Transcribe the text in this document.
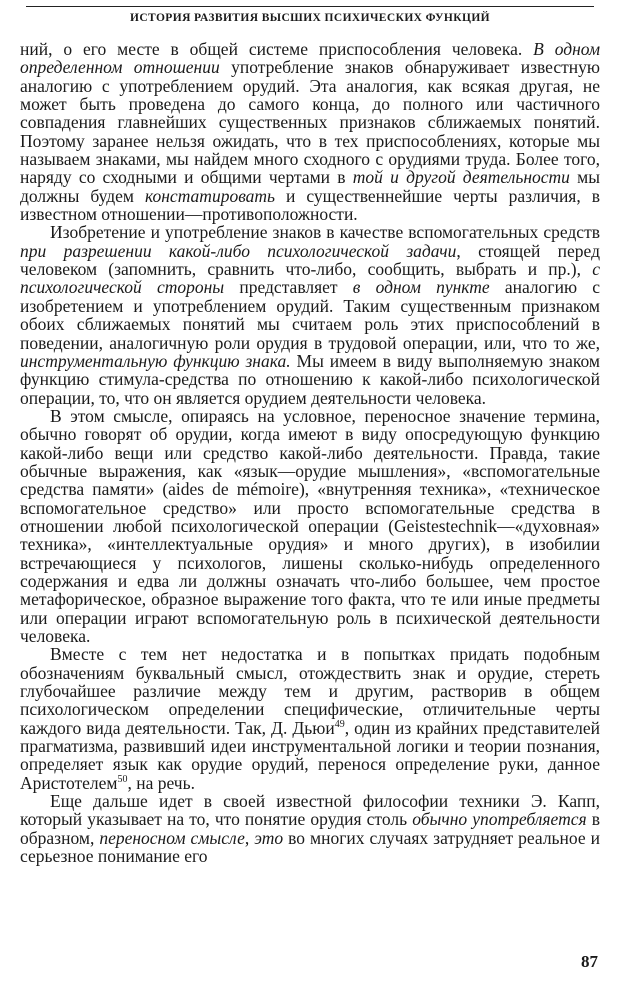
ИСТОРИЯ РАЗВИТИЯ ВЫСШИХ ПСИХИЧЕСКИХ ФУНКЦИЙ

ний, о его месте в общей системе приспособления человека. В одном определенном отношении употребление знаков обнаруживает известную аналогию с употреблением орудий. Эта аналогия, как всякая другая, не может быть проведена до самого конца, до полного или частичного совпадения главнейших существенных признаков сближаемых понятий. Поэтому заранее нельзя ожидать, что в тех приспособлениях, которые мы называем знаками, мы найдем много сходного с орудиями труда. Более того, наряду со сходными и общими чертами в той и другой деятельности мы должны будем констатировать и существеннейшие черты различия, в известном отношении—противоположности.

Изобретение и употребление знаков в качестве вспомогательных средств при разрешении какой-либо психологической задачи, стоящей перед человеком (запомнить, сравнить что-либо, сообщить, выбрать и пр.), с психологической стороны представляет в одном пункте аналогию с изобретением и употреблением орудий. Таким существенным признаком обоих сближаемых понятий мы считаем роль этих приспособлений в поведении, аналогичную роли орудия в трудовой операции, или, что то же, инструментальную функцию знака. Мы имеем в виду выполняемую знаком функцию стимула-средства по отношению к какой-либо психологической операции, то, что он является орудием деятельности человека.

В этом смысле, опираясь на условное, переносное значение термина, обычно говорят об орудии, когда имеют в виду опосредующую функцию какой-либо вещи или средство какой-либо деятельности. Правда, такие обычные выражения, как «язык—орудие мышления», «вспомогательные средства памяти» (aides de mémoire), «внутренняя техника», «техническое вспомогательное средство» или просто вспомогательные средства в отношении любой психологической операции (Geistestechnik—«духовная» техника», «интеллектуальные орудия» и много других), в изобилии встречающиеся у психологов, лишены сколько-нибудь определенного содержания и едва ли должны означать что-либо большее, чем простое метафорическое, образное выражение того факта, что те или иные предметы или операции играют вспомогательную роль в психической деятельности человека.

Вместе с тем нет недостатка и в попытках придать подобным обозначениям буквальный смысл, отождествить знак и орудие, стереть глубочайшее различие между тем и другим, растворив в общем психологическом определении специфические, отличительные черты каждого вида деятельности. Так, Д. Дьюи$^{49}$, один из крайних представителей прагматизма, развивший идеи инструментальной логики и теории познания, определяет язык как орудие орудий, перенося определение руки, данное Аристотелем$^{50}$, на речь.

Еще дальше идет в своей известной философии техники Э. Капп, который указывает на то, что понятие орудия столь обычно употребляется в образном, переносном смысле, это во многих случаях затрудняет реальное и серьезное понимание его

87
